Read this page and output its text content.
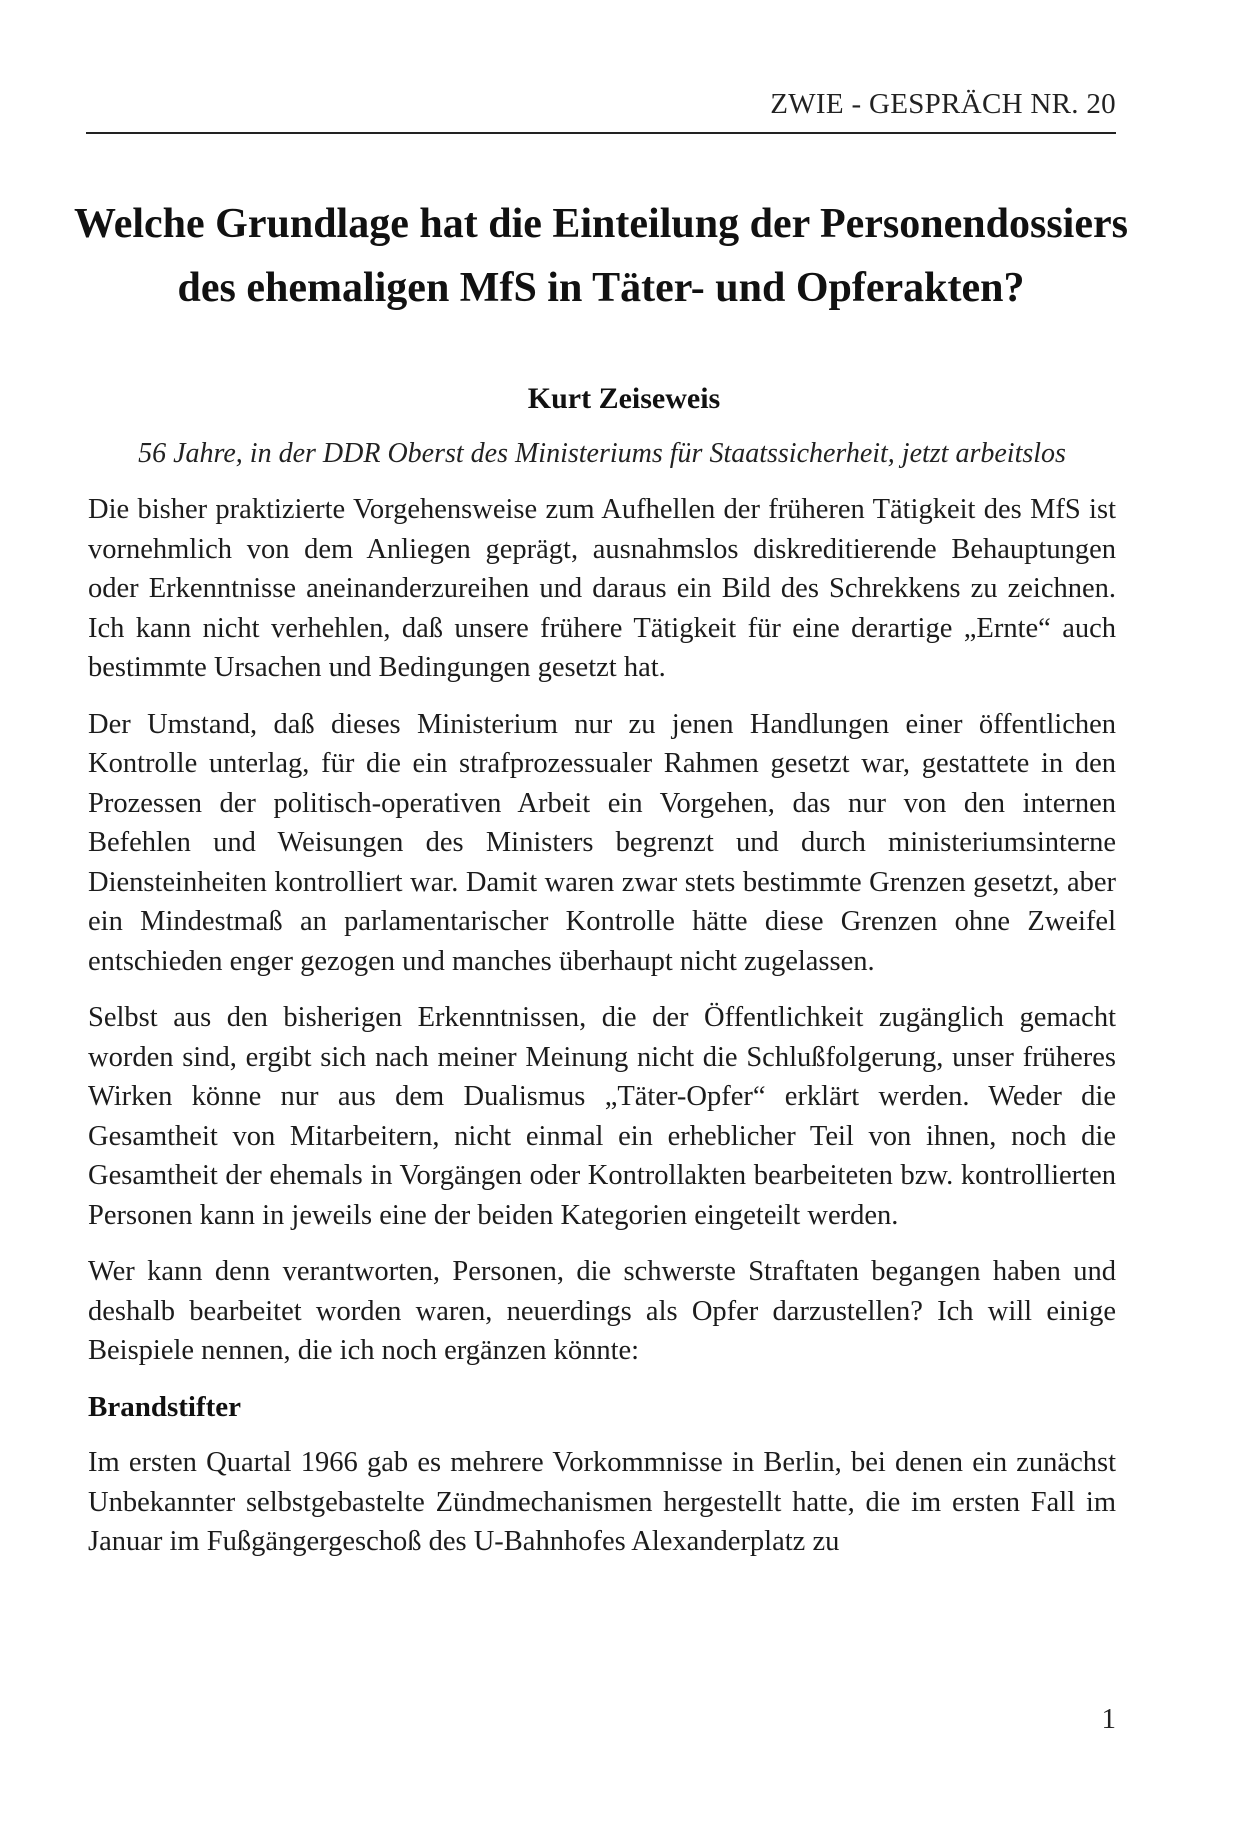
ZWIE - GESPRÄCH NR. 20
Welche Grundlage hat die Einteilung der Personendossiers
des ehemaligen MfS in Täter- und Opferakten?
Kurt Zeiseweis
56 Jahre, in der DDR Oberst des Ministeriums für Staatssicherheit, jetzt arbeitslos

Die bisher praktizierte Vorgehensweise zum Aufhellen der früheren Tätigkeit des MfS ist vornehmlich von dem Anliegen geprägt, ausnahmslos diskreditierende Behauptungen oder Erkenntnisse aneinanderzureihen und daraus ein Bild des Schrekkens zu zeichnen. Ich kann nicht verhehlen, daß unsere frühere Tätigkeit für eine derartige „Ernte“ auch bestimmte Ursachen und Bedingungen gesetzt hat.

Der Umstand, daß dieses Ministerium nur zu jenen Handlungen einer öffentlichen Kontrolle unterlag, für die ein strafprozessualer Rahmen gesetzt war, gestattete in den Prozessen der politisch-operativen Arbeit ein Vorgehen, das nur von den internen Befehlen und Weisungen des Ministers begrenzt und durch ministeriumsinterne Diensteinheiten kontrolliert war. Damit waren zwar stets bestimmte Grenzen gesetzt, aber ein Mindestmaß an parlamentarischer Kontrolle hätte diese Grenzen ohne Zweifel entschieden enger gezogen und manches überhaupt nicht zugelassen.

Selbst aus den bisherigen Erkenntnissen, die der Öffentlichkeit zugänglich gemacht worden sind, ergibt sich nach meiner Meinung nicht die Schlußfolgerung, unser früheres Wirken könne nur aus dem Dualismus „Täter-Opfer“ erklärt werden. Weder die Gesamtheit von Mitarbeitern, nicht einmal ein erheblicher Teil von ihnen, noch die Gesamtheit der ehemals in Vorgängen oder Kontrollakten bearbeiteten bzw. kontrollierten Personen kann in jeweils eine der beiden Kategorien eingeteilt werden.

Wer kann denn verantworten, Personen, die schwerste Straftaten begangen haben und deshalb bearbeitet worden waren, neuerdings als Opfer darzustellen? Ich will einige Beispiele nennen, die ich noch ergänzen könnte:

Brandstifter

Im ersten Quartal 1966 gab es mehrere Vorkommnisse in Berlin, bei denen ein zunächst Unbekannter selbstgebastelte Zündmechanismen hergestellt hatte, die im ersten Fall im Januar im Fußgängergeschoß des U-Bahnhofes Alexanderplatz zu

1
